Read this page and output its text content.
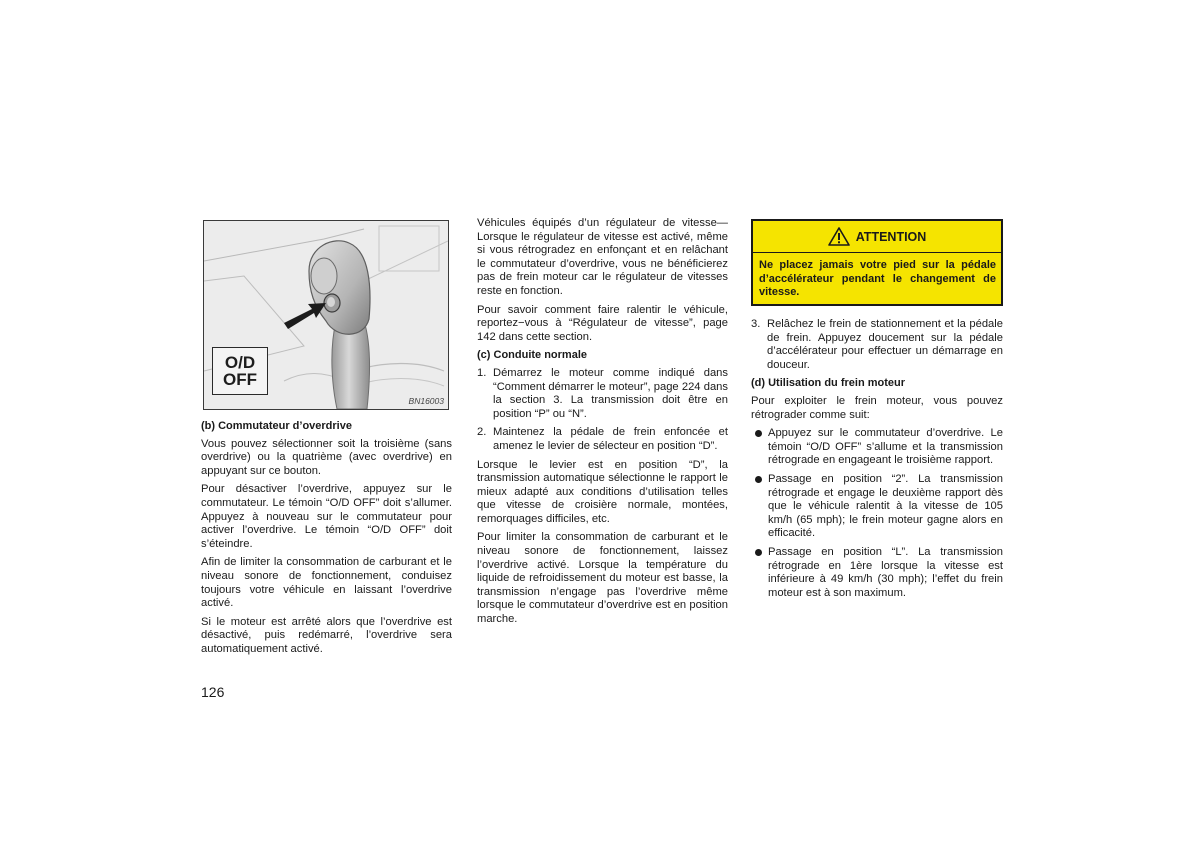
O/D
OFF
BN16003
(b) Commutateur d’overdrive

Vous pouvez sélectionner soit la troisième (sans overdrive) ou la quatrième (avec overdrive) en appuyant sur ce bouton.

Pour désactiver l’overdrive, appuyez sur le commutateur. Le témoin “O/D OFF” doit s’allumer. Appuyez à nouveau sur le commutateur pour activer l’overdrive. Le témoin “O/D OFF” doit s’éteindre.

Afin de limiter la consommation de carburant et le niveau sonore de fonctionnement, conduisez toujours votre véhicule en laissant l’overdrive activé.

Si le moteur est arrêté alors que l’overdrive est désactivé, puis redémarré, l’overdrive sera automatiquement activé.

Véhicules équipés d’un régulateur de vitesse—Lorsque le régulateur de vitesse est activé, même si vous rétrogradez en enfonçant et en relâchant le commutateur d’overdrive, vous ne bénéficierez pas de frein moteur car le régulateur de vitesses reste en fonction.

Pour savoir comment faire ralentir le véhicule, reportez−vous à “Régulateur de vitesse”, page 142 dans cette section.

(c) Conduite normale
1. Démarrez le moteur comme indiqué dans “Comment démarrer le moteur”, page 224 dans la section 3. La transmission doit être en position “P” ou “N”.
2. Maintenez la pédale de frein enfoncée et amenez le levier de sélecteur en position “D”.

Lorsque le levier est en position “D”, la transmission automatique sélectionne le rapport le mieux adapté aux conditions d’utilisation telles que vitesse de croisière normale, montées, remorquages difficiles, etc.

Pour limiter la consommation de carburant et le niveau sonore de fonctionnement, laissez l’overdrive activé. Lorsque la température du liquide de refroidissement du moteur est basse, la transmission n’engage pas l’overdrive même lorsque le commutateur d’overdrive est en position marche.

ATTENTION
Ne placez jamais votre pied sur la pédale d’accélérateur pendant le changement de vitesse.
3. Relâchez le frein de stationnement et la pédale de frein. Appuyez doucement sur la pédale d’accélérateur pour effectuer un démarrage en douceur.
(d) Utilisation du frein moteur

Pour exploiter le frein moteur, vous pouvez rétrograder comme suit:

Appuyez sur le commutateur d’overdrive. Le témoin “O/D OFF” s’allume et la transmission rétrograde en engageant le troisième rapport.
Passage en position “2”. La transmission rétrograde et engage le deuxième rapport dès que le véhicule ralentit à la vitesse de 105 km/h (65 mph); le frein moteur gagne alors en efficacité.
Passage en position “L”. La transmission rétrograde en 1ère lorsque la vitesse est inférieure à 49 km/h (30 mph); l’effet du frein moteur est à son maximum.
126
